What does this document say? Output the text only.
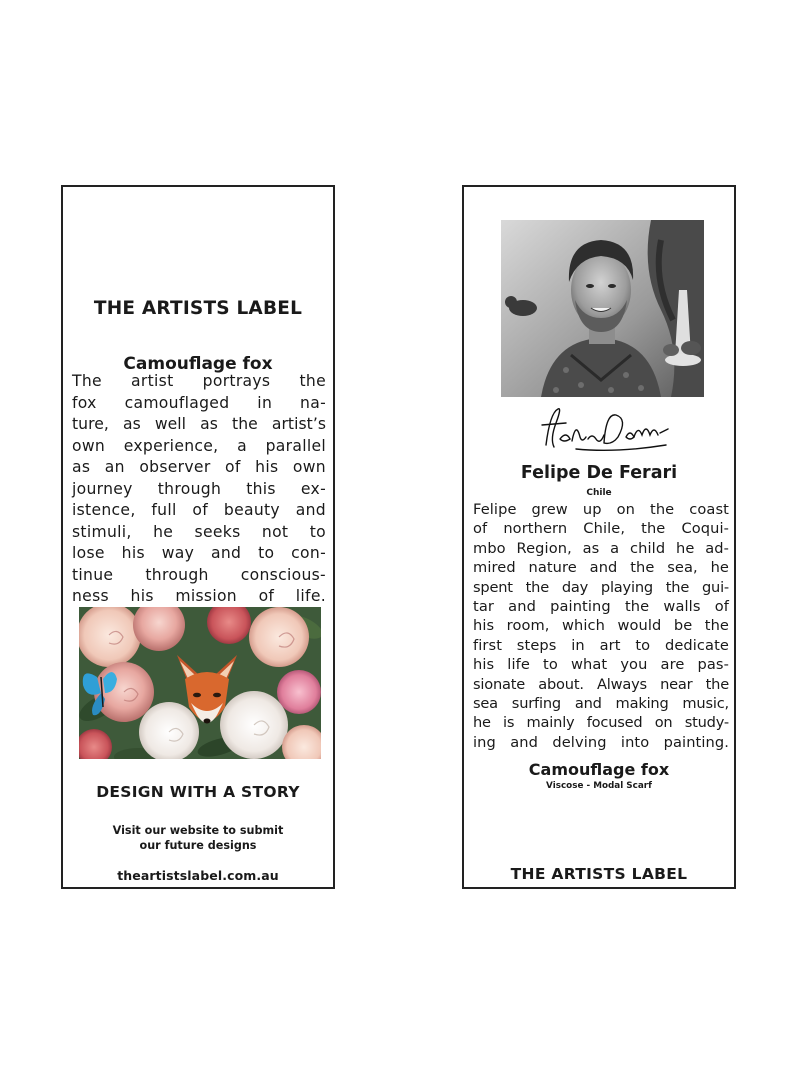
THE ARTISTS LABEL
Camouflage fox
The artist portrays the
fox camouflaged in na-
ture, as well as the artist’s
own experience, a parallel
as an observer of his own
journey through this ex-
istence, full of beauty and
stimuli, he seeks not to
lose his way and to con-
tinue through conscious-
ness his mission of life.
DESIGN WITH A STORY
Visit our website to submit
our future designs
theartistslabel.com.au
Felipe De Ferari
Chile
Felipe grew up on the coast
of northern Chile, the Coqui-
mbo Region, as a child he ad-
mired nature and the sea, he
spent the day playing the gui-
tar and painting the walls of
his room, which would be the
first steps in art to dedicate
his life to what you are pas-
sionate about. Always near the
sea surfing and making music,
he is mainly focused on study-
ing and delving into painting.
Camouflage fox
Viscose - Modal Scarf
THE ARTISTS LABEL
